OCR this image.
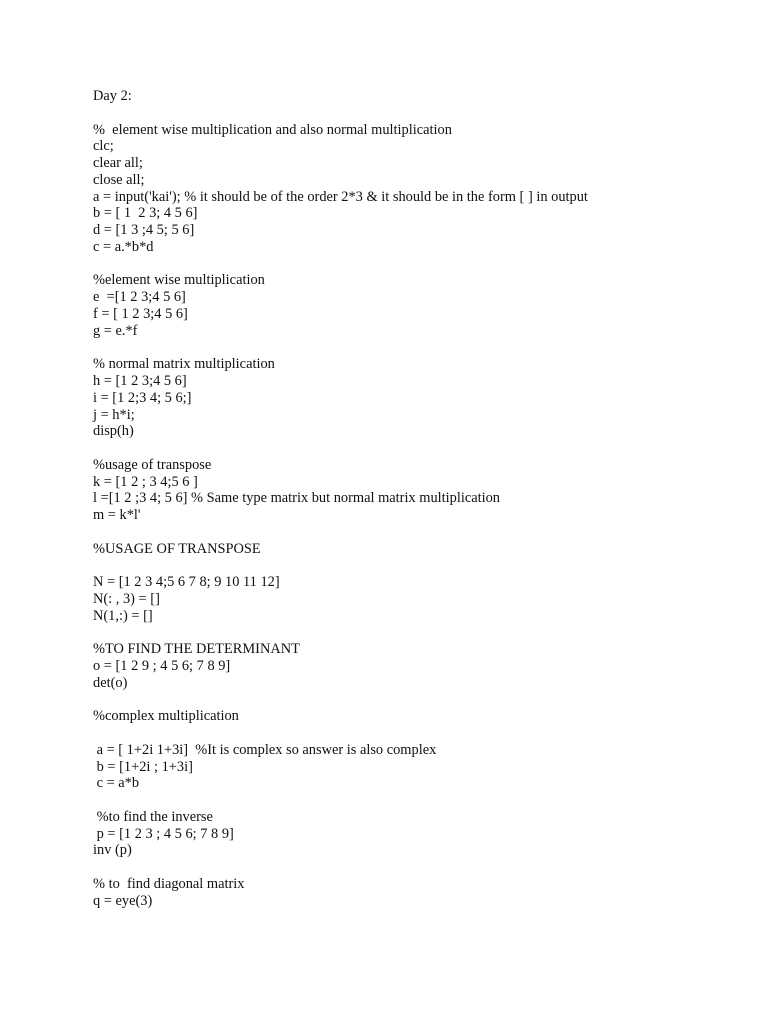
Day 2:
%  element wise multiplication and also normal multiplication
clc;
clear all;
close all;
a = input('kai'); % it should be of the order 2*3 & it should be in the form [ ] in output
b = [ 1  2 3; 4 5 6]
d = [1 3 ;4 5; 5 6]
c = a.*b*d
%element wise multiplication
e  =[1 2 3;4 5 6]
f = [ 1 2 3;4 5 6]
g = e.*f
% normal matrix multiplication
h = [1 2 3;4 5 6]
i = [1 2;3 4; 5 6;]
j = h*i;
disp(h)
%usage of transpose
k = [1 2 ; 3 4;5 6 ]
l =[1 2 ;3 4; 5 6] % Same type matrix but normal matrix multiplication
m = k*l'
%USAGE OF TRANSPOSE
N = [1 2 3 4;5 6 7 8; 9 10 11 12]
N(: , 3) = []
N(1,:) = []
%TO FIND THE DETERMINANT
o = [1 2 9 ; 4 5 6; 7 8 9]
det(o)
%complex multiplication
a = [ 1+2i 1+3i]  %It is complex so answer is also complex
b = [1+2i ; 1+3i]
c = a*b
%to find the inverse
p = [1 2 3 ; 4 5 6; 7 8 9]
inv (p)
% to  find diagonal matrix
q = eye(3)
